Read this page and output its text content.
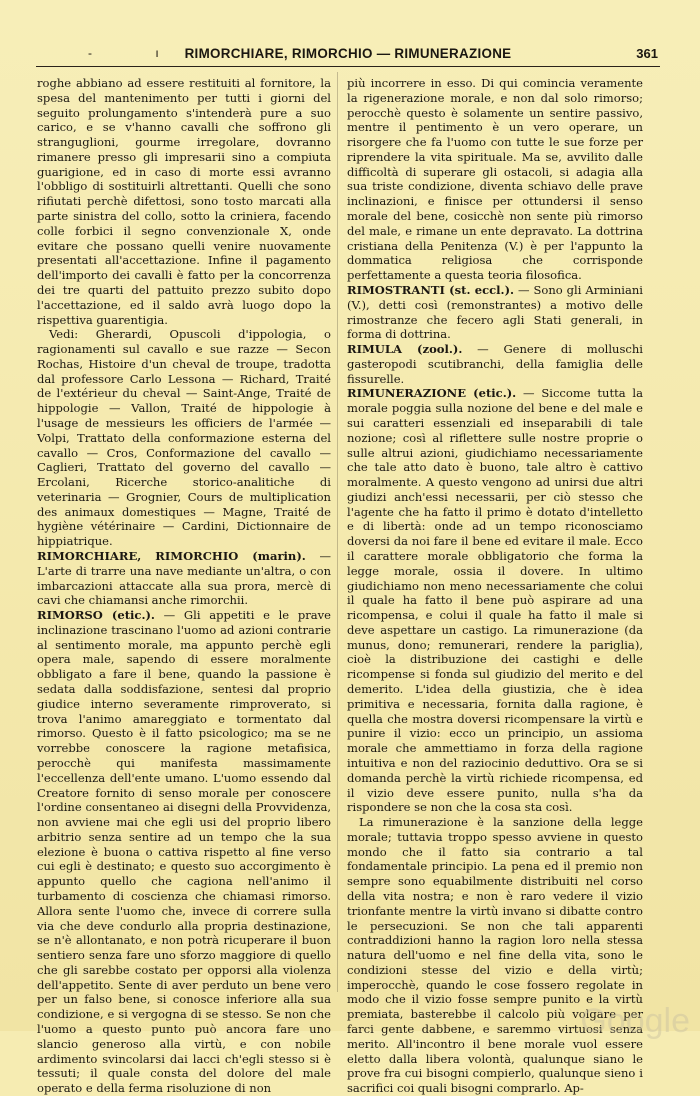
- ı
RIMORCHIARE, RIMORCHIO — RIMUNERAZIONE	361

roghe abbiano ad essere restituiti al fornitore, la spesa del mantenimento per tutti i giorni del seguito prolungamento s'intenderà pure a suo carico, e se v'hanno cavalli che soffrono gli stranguglioni, gourme irregolare, dovranno rimanere presso gli impresarii sino a compiuta guarigione, ed in caso di morte essi avranno l'obbligo di sostituirli altrettanti. Quelli che sono rifiutati perchè difettosi, sono tosto marcati alla parte sinistra del collo, sotto la criniera, facendo colle forbici il segno convenzionale X, onde evitare che possano quelli venire nuovamente presentati all'accettazione. Infine il pagamento dell'importo dei cavalli è fatto per la concorrenza dei tre quarti del pattuito prezzo subito dopo l'accettazione, ed il saldo avrà luogo dopo la rispettiva guarentigia.

Vedi: Gherardi, Opuscoli d'ippologia, o ragionamenti sul cavallo e sue razze — Secon Rochas, Histoire d'un cheval de troupe, tradotta dal professore Carlo Lessona — Richard, Traité de l'extérieur du cheval — Saint-Ange, Traité de hippologie — Vallon, Traité de hippologie à l'usage de messieurs les officiers de l'armée — Volpi, Trattato della conformazione esterna del cavallo — Cros, Conformazione del cavallo — Caglieri, Trattato del governo del cavallo — Ercolani, Ricerche storico-analitiche di veterinaria — Grognier, Cours de multiplication des animaux domestiques — Magne, Traité de hygiène vétérinaire — Cardini, Dictionnaire de hippiatrique.

RIMORCHIARE, RIMORCHIO (marin). — L'arte di trarre una nave mediante un'altra, o con imbarcazioni attaccate alla sua prora, mercè di cavi che chiamansi anche rimorchii.

RIMORSO (etic.). — Gli appetiti e le prave inclinazione trascinano l'uomo ad azioni contrarie al sentimento morale, ma appunto perchè egli opera male, sapendo di essere moralmente obbligato a fare il bene, quando la passione è sedata dalla soddisfazione, sentesi dal proprio giudice interno severamente rimproverato, si trova l'animo amareggiato e tormentato dal rimorso. Questo è il fatto psicologico; ma se ne vorrebbe conoscere la ragione metafisica, perocchè qui manifesta massimamente l'eccellenza dell'ente umano. L'uomo essendo dal Creatore fornito di senso morale per conoscere l'ordine consentaneo ai disegni della Provvidenza, non avviene mai che egli usi del proprio libero arbitrio senza sentire ad un tempo che la sua elezione è buona o cattiva rispetto al fine verso cui egli è destinato; e questo suo accorgimento è appunto quello che cagiona nell'animo il turbamento di coscienza che chiamasi rimorso. Allora sente l'uomo che, invece di correre sulla via che deve condurlo alla propria destinazione, se n'è allontanato, e non potrà ricuperare il buon sentiero senza fare uno sforzo maggiore di quello che gli sarebbe costato per opporsi alla violenza dell'appetito. Sente di aver perduto un bene vero per un falso bene, si conosce inferiore alla sua condizione, e si vergogna di se stesso. Se non che l'uomo a questo punto può ancora fare uno slancio generoso alla virtù, e con nobile ardimento svincolarsi dai lacci ch'egli stesso si è tessuti; il quale consta del dolore del male operato e della ferma risoluzione di non

più incorrere in esso. Di qui comincia veramente la rigenerazione morale, e non dal solo rimorso; perocchè questo è solamente un sentire passivo, mentre il pentimento è un vero operare, un risorgere che fa l'uomo con tutte le sue forze per riprendere la vita spirituale. Ma se, avvilito dalle difficoltà di superare gli ostacoli, si adagia alla sua triste condizione, diventa schiavo delle prave inclinazioni, e finisce per ottundersi il senso morale del bene, cosicchè non sente più rimorso del male, e rimane un ente depravato. La dottrina cristiana della Penitenza (V.) è per l'appunto la dommatica religiosa che corrisponde perfettamente a questa teoria filosofica.

RIMOSTRANTI (st. eccl.). — Sono gli Arminiani (V.), detti così (remonstrantes) a motivo delle rimostranze che fecero agli Stati generali, in forma di dottrina.

RIMULA (zool.). — Genere di molluschi gasteropodi scutibranchi, della famiglia delle fissurelle.

RIMUNERAZIONE (etic.). — Siccome tutta la morale poggia sulla nozione del bene e del male e sui caratteri essenziali ed inseparabili di tale nozione; così al riflettere sulle nostre proprie o sulle altrui azioni, giudichiamo necessariamente che tale atto dato è buono, tale altro è cattivo moralmente. A questo vengono ad unirsi due altri giudizi anch'essi necessarii, per ciò stesso che l'agente che ha fatto il primo è dotato d'intelletto e di libertà: onde ad un tempo riconosciamo doversi da noi fare il bene ed evitare il male. Ecco il carattere morale obbligatorio che forma la legge morale, ossia il dovere. In ultimo giudichiamo non meno necessariamente che colui il quale ha fatto il bene può aspirare ad una ricompensa, e colui il quale ha fatto il male si deve aspettare un castigo. La rimunerazione (da munus, dono; remunerari, rendere la pariglia), cioè la distribuzione dei castighi e delle ricompense si fonda sul giudizio del merito e del demerito. L'idea della giustizia, che è idea primitiva e necessaria, fornita dalla ragione, è quella che mostra doversi ricompensare la virtù e punire il vizio: ecco un principio, un assioma morale che ammettiamo in forza della ragione intuitiva e non del raziocinio deduttivo. Ora se si domanda perchè la virtù richiede ricompensa, ed il vizio deve essere punito, nulla s'ha da rispondere se non che la cosa sta così.

La rimunerazione è la sanzione della legge morale; tuttavia troppo spesso avviene in questo mondo che il fatto sia contrario a tal fondamentale principio. La pena ed il premio non sempre sono equabilmente distribuiti nel corso della vita nostra; e non è raro vedere il vizio trionfante mentre la virtù invano si dibatte contro le persecuzioni. Se non che tali apparenti contraddizioni hanno la ragion loro nella stessa natura dell'uomo e nel fine della vita, sono le condizioni stesse del vizio e della virtù; imperocchè, quando le cose fossero regolate in modo che il vizio fosse sempre punito e la virtù premiata, basterebbe il calcolo più volgare per farci gente dabbene, e saremmo virtuosi senza merito. All'incontro il bene morale vuol essere eletto dalla libera volontà, qualunque siano le prove fra cui bisogni compierlo, qualunque sieno i sacrifici coi quali bisogni comprarlo. Ap-

Google
